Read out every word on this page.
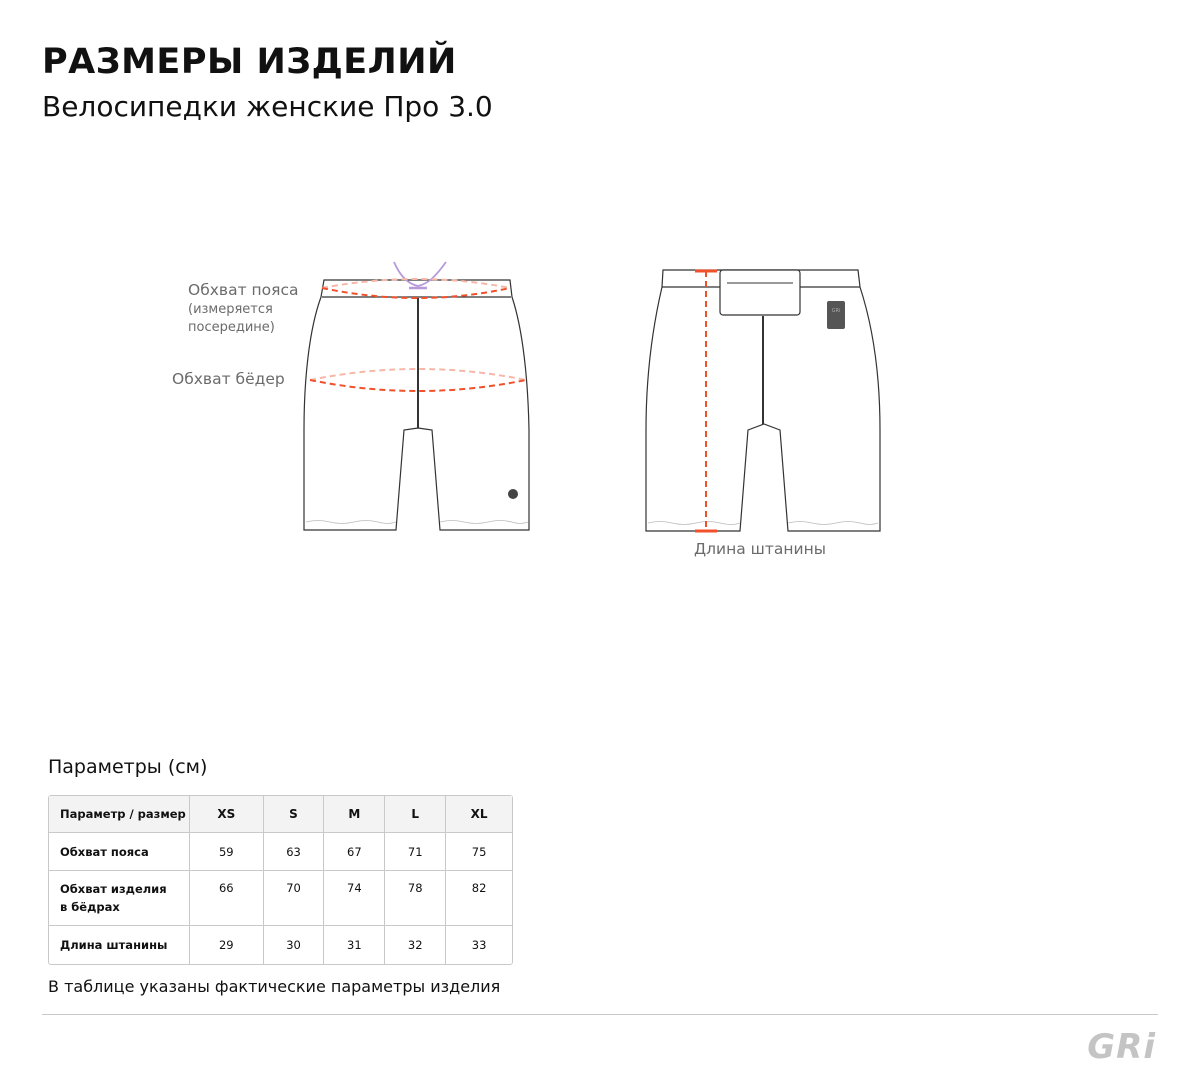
РАЗМЕРЫ ИЗДЕЛИЙ
Велосипедки женские Про 3.0
GRi
Обхват пояса
(измеряется посередине)
Обхват бёдер
Длина штанины
Параметры (см)
Параметр / размер	XS	S	M	L	XL
Обхват пояса	59	63	67	71	75
Обхват изделия
в бёдрах	66	70	74	78	82
Длина штанины	29	30	31	32	33
В таблице указаны фактические параметры изделия
GRi
